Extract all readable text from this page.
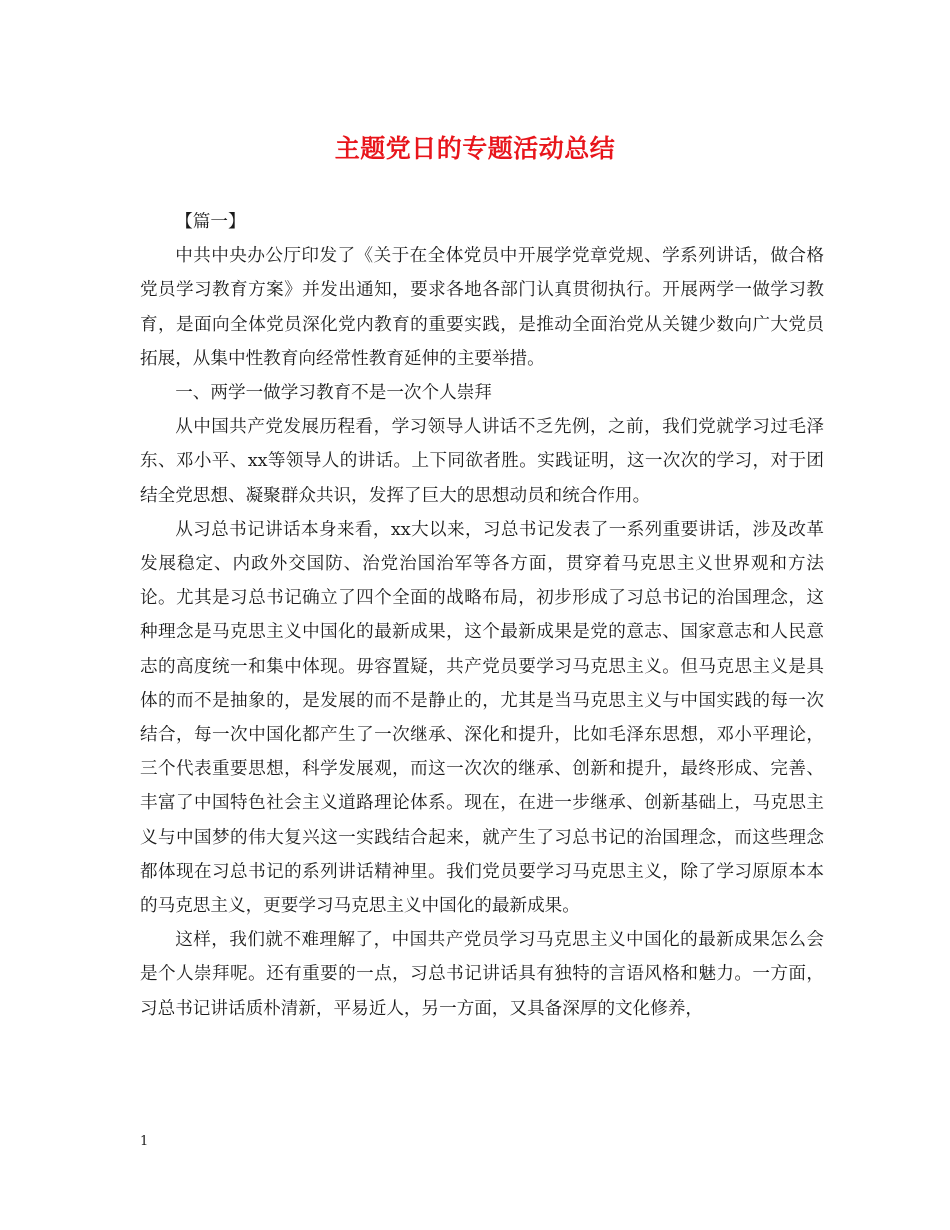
主题党日的专题活动总结

【篇一】

中共中央办公厅印发了《关于在全体党员中开展学党章党规、学系列讲话，做合格党员学习教育方案》并发出通知，要求各地各部门认真贯彻执行。开展两学一做学习教育，是面向全体党员深化党内教育的重要实践，是推动全面治党从关键少数向广大党员拓展，从集中性教育向经常性教育延伸的主要举措。

一、两学一做学习教育不是一次个人崇拜

从中国共产党发展历程看，学习领导人讲话不乏先例，之前，我们党就学习过毛泽东、邓小平、xx等领导人的讲话。上下同欲者胜。实践证明，这一次次的学习，对于团结全党思想、凝聚群众共识，发挥了巨大的思想动员和统合作用。

从习总书记讲话本身来看，xx大以来，习总书记发表了一系列重要讲话，涉及改革发展稳定、内政外交国防、治党治国治军等各方面，贯穿着马克思主义世界观和方法论。尤其是习总书记确立了四个全面的战略布局，初步形成了习总书记的治国理念，这种理念是马克思主义中国化的最新成果，这个最新成果是党的意志、国家意志和人民意志的高度统一和集中体现。毋容置疑，共产党员要学习马克思主义。但马克思主义是具体的而不是抽象的，是发展的而不是静止的，尤其是当马克思主义与中国实践的每一次结合，每一次中国化都产生了一次继承、深化和提升，比如毛泽东思想，邓小平理论，三个代表重要思想，科学发展观，而这一次次的继承、创新和提升，最终形成、完善、丰富了中国特色社会主义道路理论体系。现在，在进一步继承、创新基础上，马克思主义与中国梦的伟大复兴这一实践结合起来，就产生了习总书记的治国理念，而这些理念都体现在习总书记的系列讲话精神里。我们党员要学习马克思主义，除了学习原原本本的马克思主义，更要学习马克思主义中国化的最新成果。

这样，我们就不难理解了，中国共产党员学习马克思主义中国化的最新成果怎么会是个人崇拜呢。还有重要的一点，习总书记讲话具有独特的言语风格和魅力。一方面，习总书记讲话质朴清新，平易近人，另一方面，又具备深厚的文化修养，

1
